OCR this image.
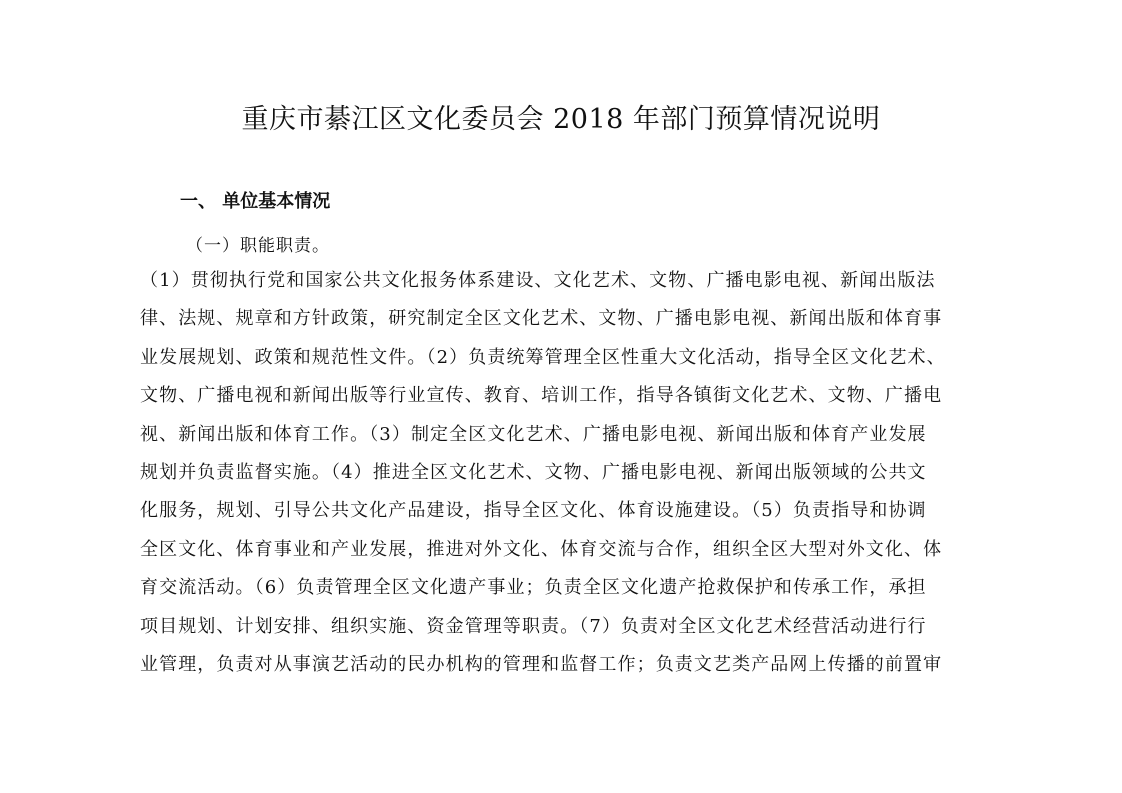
重庆市綦江区文化委员会 2018 年部门预算情况说明
一、 单位基本情况
（一）职能职责。
（1）贯彻执行党和国家公共文化报务体系建设、文化艺术、文物、广播电影电视、新闻出版法
律、法规、规章和方针政策，研究制定全区文化艺术、文物、广播电影电视、新闻出版和体育事
业发展规划、政策和规范性文件。（2）负责统筹管理全区性重大文化活动，指导全区文化艺术、
文物、广播电视和新闻出版等行业宣传、教育、培训工作，指导各镇街文化艺术、文物、广播电
视、新闻出版和体育工作。（3）制定全区文化艺术、广播电影电视、新闻出版和体育产业发展
规划并负责监督实施。（4）推进全区文化艺术、文物、广播电影电视、新闻出版领域的公共文
化服务，规划、引导公共文化产品建设，指导全区文化、体育设施建设。（5）负责指导和协调
全区文化、体育事业和产业发展，推进对外文化、体育交流与合作，组织全区大型对外文化、体
育交流活动。（6）负责管理全区文化遗产事业；负责全区文化遗产抢救保护和传承工作，承担
项目规划、计划安排、组织实施、资金管理等职责。（7）负责对全区文化艺术经营活动进行行
业管理，负责对从事演艺活动的民办机构的管理和监督工作；负责文艺类产品网上传播的前置审
